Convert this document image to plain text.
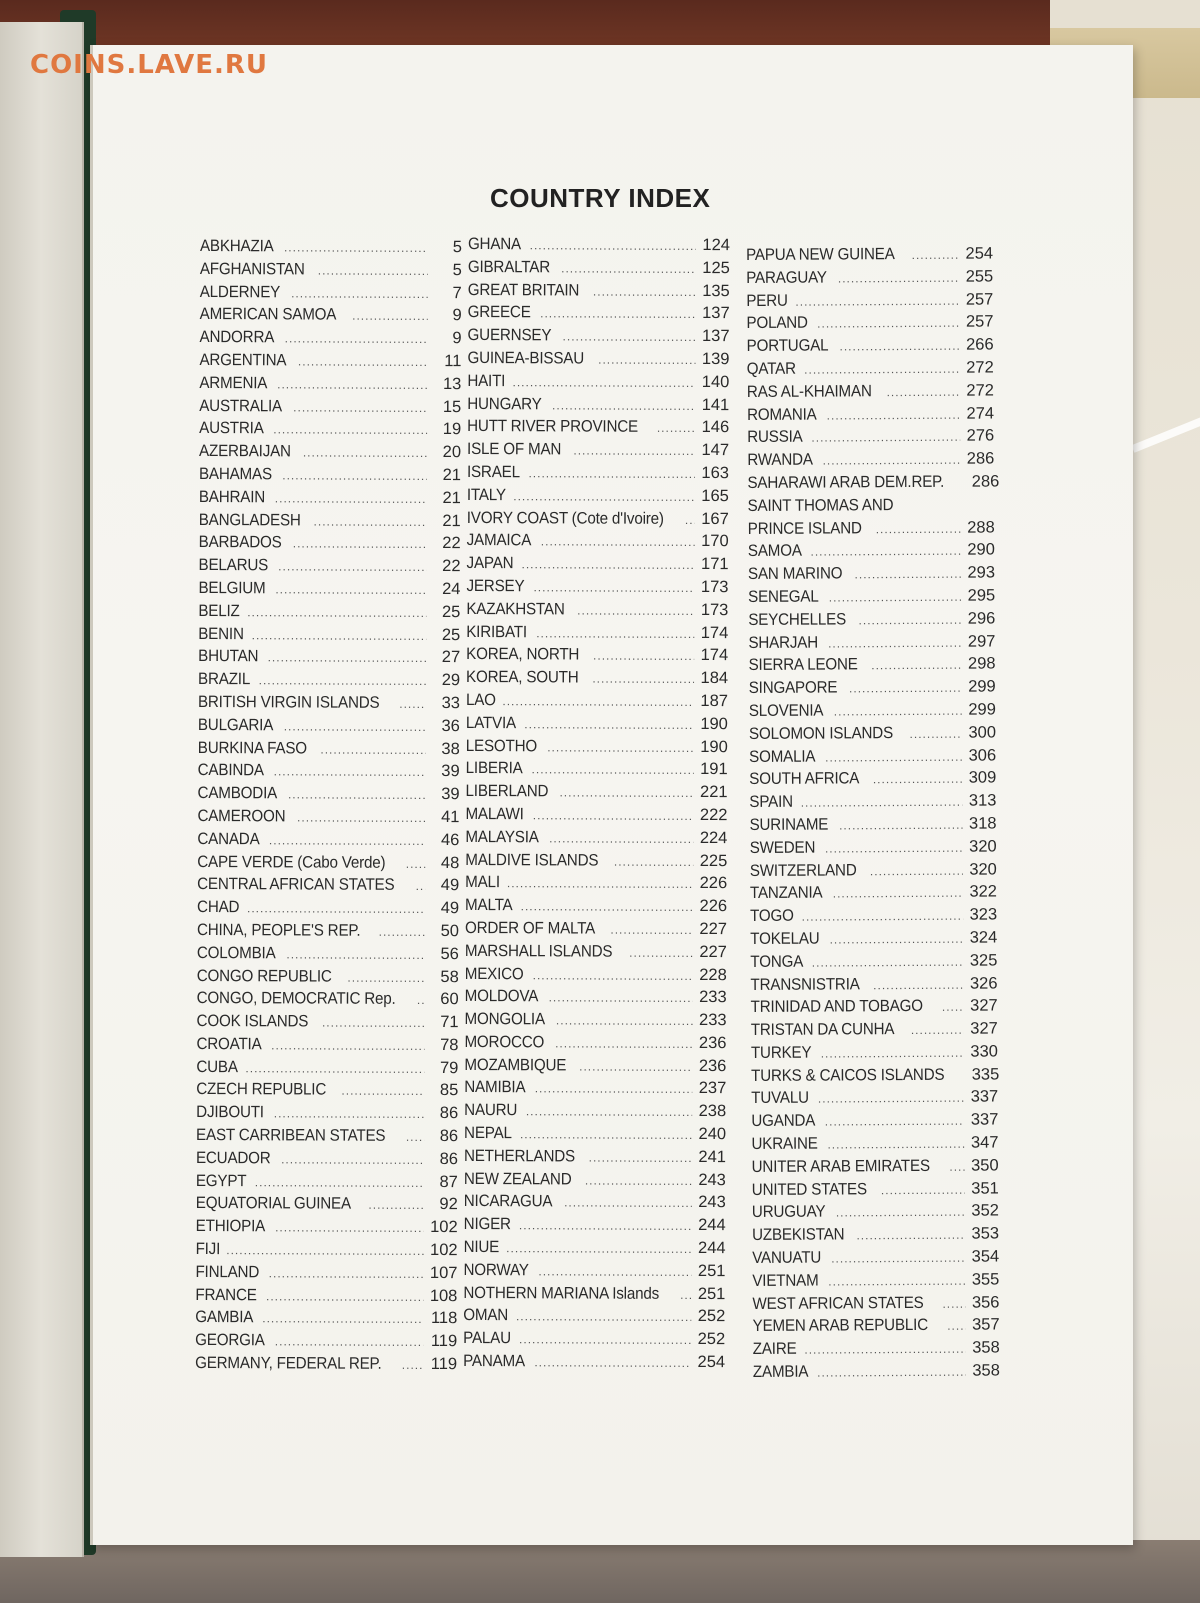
COINS.LAVE.RU
COUNTRY INDEX
ABKHAZIA .....	5
AFGHANISTAN .....	5
ALDERNEY .....	7
AMERICAN SAMOA .....	9
ANDORRA .....	9
ARGENTINA .....	11
ARMENIA .....	13
AUSTRALIA .....	15
AUSTRIA .....	19
AZERBAIJAN .....	20
BAHAMAS .....	21
BAHRAIN .....	21
BANGLADESH .....	21
BARBADOS .....	22
BELARUS .....	22
BELGIUM .....	24
BELIZ .....	25
BENIN .....	25
BHUTAN .....	27
BRAZIL .....	29
BRITISH VIRGIN ISLANDS .....	33
BULGARIA .....	36
BURKINA FASO .....	38
CABINDA .....	39
CAMBODIA .....	39
CAMEROON .....	41
CANADA .....	46
CAPE VERDE (Cabo Verde) .....	48
CENTRAL AFRICAN STATES .....	49
CHAD .....	49
CHINA, PEOPLE'S REP. .....	50
COLOMBIA .....	56
CONGO REPUBLIC .....	58
CONGO, DEMOCRATIC Rep. .....	60
COOK ISLANDS .....	71
CROATIA .....	78
CUBA .....	79
CZECH REPUBLIC .....	85
DJIBOUTI .....	86
EAST CARRIBEAN STATES .....	86
ECUADOR .....	86
EGYPT .....	87
EQUATORIAL GUINEA .....	92
ETHIOPIA .....	102
FIJI .....	102
FINLAND .....	107
FRANCE .....	108
GAMBIA .....	118
GEORGIA .....	119
GERMANY, FEDERAL REP. .....	119
GHANA .....	124
GIBRALTAR .....	125
GREAT BRITAIN .....	135
GREECE .....	137
GUERNSEY .....	137
GUINEA-BISSAU .....	139
HAITI .....	140
HUNGARY .....	141
HUTT RIVER PROVINCE .....	146
ISLE OF MAN .....	147
ISRAEL .....	163
ITALY .....	165
IVORY COAST (Cote d'Ivoire) ..... 167
JAMAICA .....	170
JAPAN .....	171
JERSEY .....	173
KAZAKHSTAN .....	173
KIRIBATI .....	174
KOREA, NORTH .....	174
KOREA, SOUTH .....	184
LAO .....	187
LATVIA .....	190
LESOTHO .....	190
LIBERIA .....	191
LIBERLAND .....	221
MALAWI .....	222
MALAYSIA .....	224
MALDIVE ISLANDS .....	225
MALI .....	226
MALTA .....	226
ORDER OF MALTA .....	227
MARSHALL ISLANDS .....	227
MEXICO .....	228
MOLDOVA .....	233
MONGOLIA .....	233
MOROCCO .....	236
MOZAMBIQUE .....	236
NAMIBIA .....	237
NAURU .....	238
NEPAL .....	240
NETHERLANDS .....	241
NEW ZEALAND .....	243
NICARAGUA .....	243
NIGER .....	244
NIUE .....	244
NORWAY .....	251
NOTHERN MARIANA Islands ..... 251
OMAN .....	252
PALAU .....	252
PANAMA .....	254
PAPUA NEW GUINEA .....	254
PARAGUAY .....	255
PERU .....	257
POLAND .....	257
PORTUGAL .....	266
QATAR .....	272
RAS AL-KHAIMAN .....	272
ROMANIA .....	274
RUSSIA .....	276
RWANDA .....	286
SAHARAWI ARAB DEM.REP. ..... 286
SAINT THOMAS AND
PRINCE ISLAND .....	288
SAMOA .....	290
SAN MARINO .....	293
SENEGAL .....	295
SEYCHELLES .....	296
SHARJAH .....	297
SIERRA LEONE .....	298
SINGAPORE .....	299
SLOVENIA .....	299
SOLOMON ISLANDS .....	300
SOMALIA .....	306
SOUTH AFRICA .....	309
SPAIN .....	313
SURINAME .....	318
SWEDEN .....	320
SWITZERLAND .....	320
TANZANIA .....	322
TOGO .....	323
TOKELAU .....	324
TONGA .....	325
TRANSNISTRIA .....	326
TRINIDAD AND TOBAGO .....	327
TRISTAN DA CUNHA .....	327
TURKEY .....	330
TURKS & CAICOS ISLANDS ..... 335
TUVALU .....	337
UGANDA .....	337
UKRAINE .....	347
UNITER ARAB EMIRATES ..... 350
UNITED STATES .....	351
URUGUAY .....	352
UZBEKISTAN .....	353
VANUATU .....	354
VIETNAM .....	355
WEST AFRICAN STATES .....	356
YEMEN ARAB REPUBLIC .....	357
ZAIRE .....	358
ZAMBIA .....	358
